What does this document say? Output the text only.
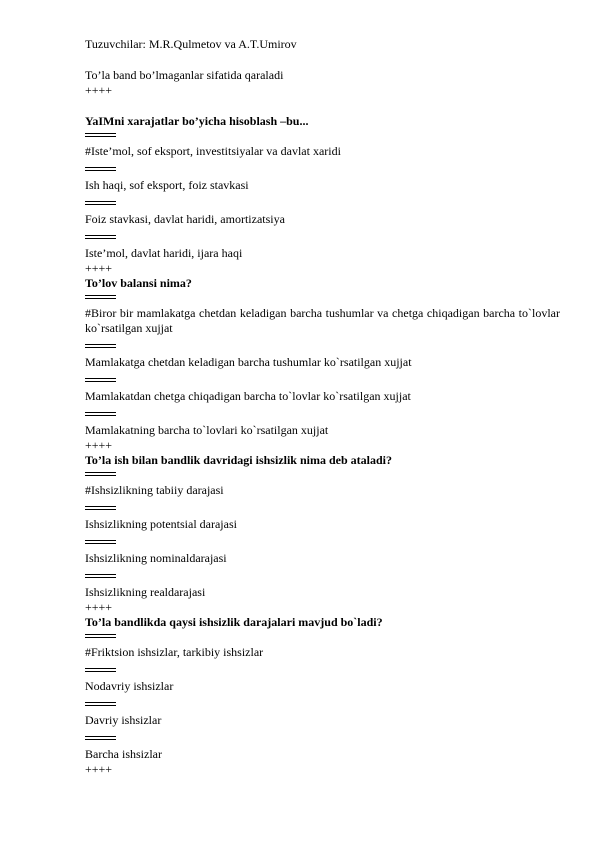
Tuzuvchilar: M.R.Qulmetov va A.T.Umirov
To’la band bo’lmaganlar sifatida qaraladi
++++
YaIMni xarajatlar bo’yicha hisoblash –bu...
#Iste’mol, sof eksport, investitsiyalar va davlat xaridi
Ish haqi, sof eksport, foiz stavkasi
Foiz stavkasi, davlat haridi, amortizatsiya
Iste’mol, davlat haridi, ijara haqi
++++
To’lov balansi nima?
#Biror bir mamlakatga chetdan keladigan barcha tushumlar va chetga chiqadigan barcha to`lovlar ko`rsatilgan xujjat
Mamlakatga chetdan keladigan barcha tushumlar ko`rsatilgan xujjat
Mamlakatdan chetga chiqadigan barcha to`lovlar ko`rsatilgan xujjat
Mamlakatning barcha to`lovlari ko`rsatilgan xujjat
++++
To’la ish bilan bandlik davridagi ishsizlik nima deb ataladi?
#Ishsizlikning tabiiy darajasi
Ishsizlikning potentsial darajasi
Ishsizlikning nominaldarajasi
Ishsizlikning realdarajasi
++++
To’la bandlikda qaysi ishsizlik darajalari mavjud bo`ladi?
#Friktsion ishsizlar, tarkibiy ishsizlar
Nodavriy ishsizlar
Davriy ishsizlar
Barcha ishsizlar
++++
